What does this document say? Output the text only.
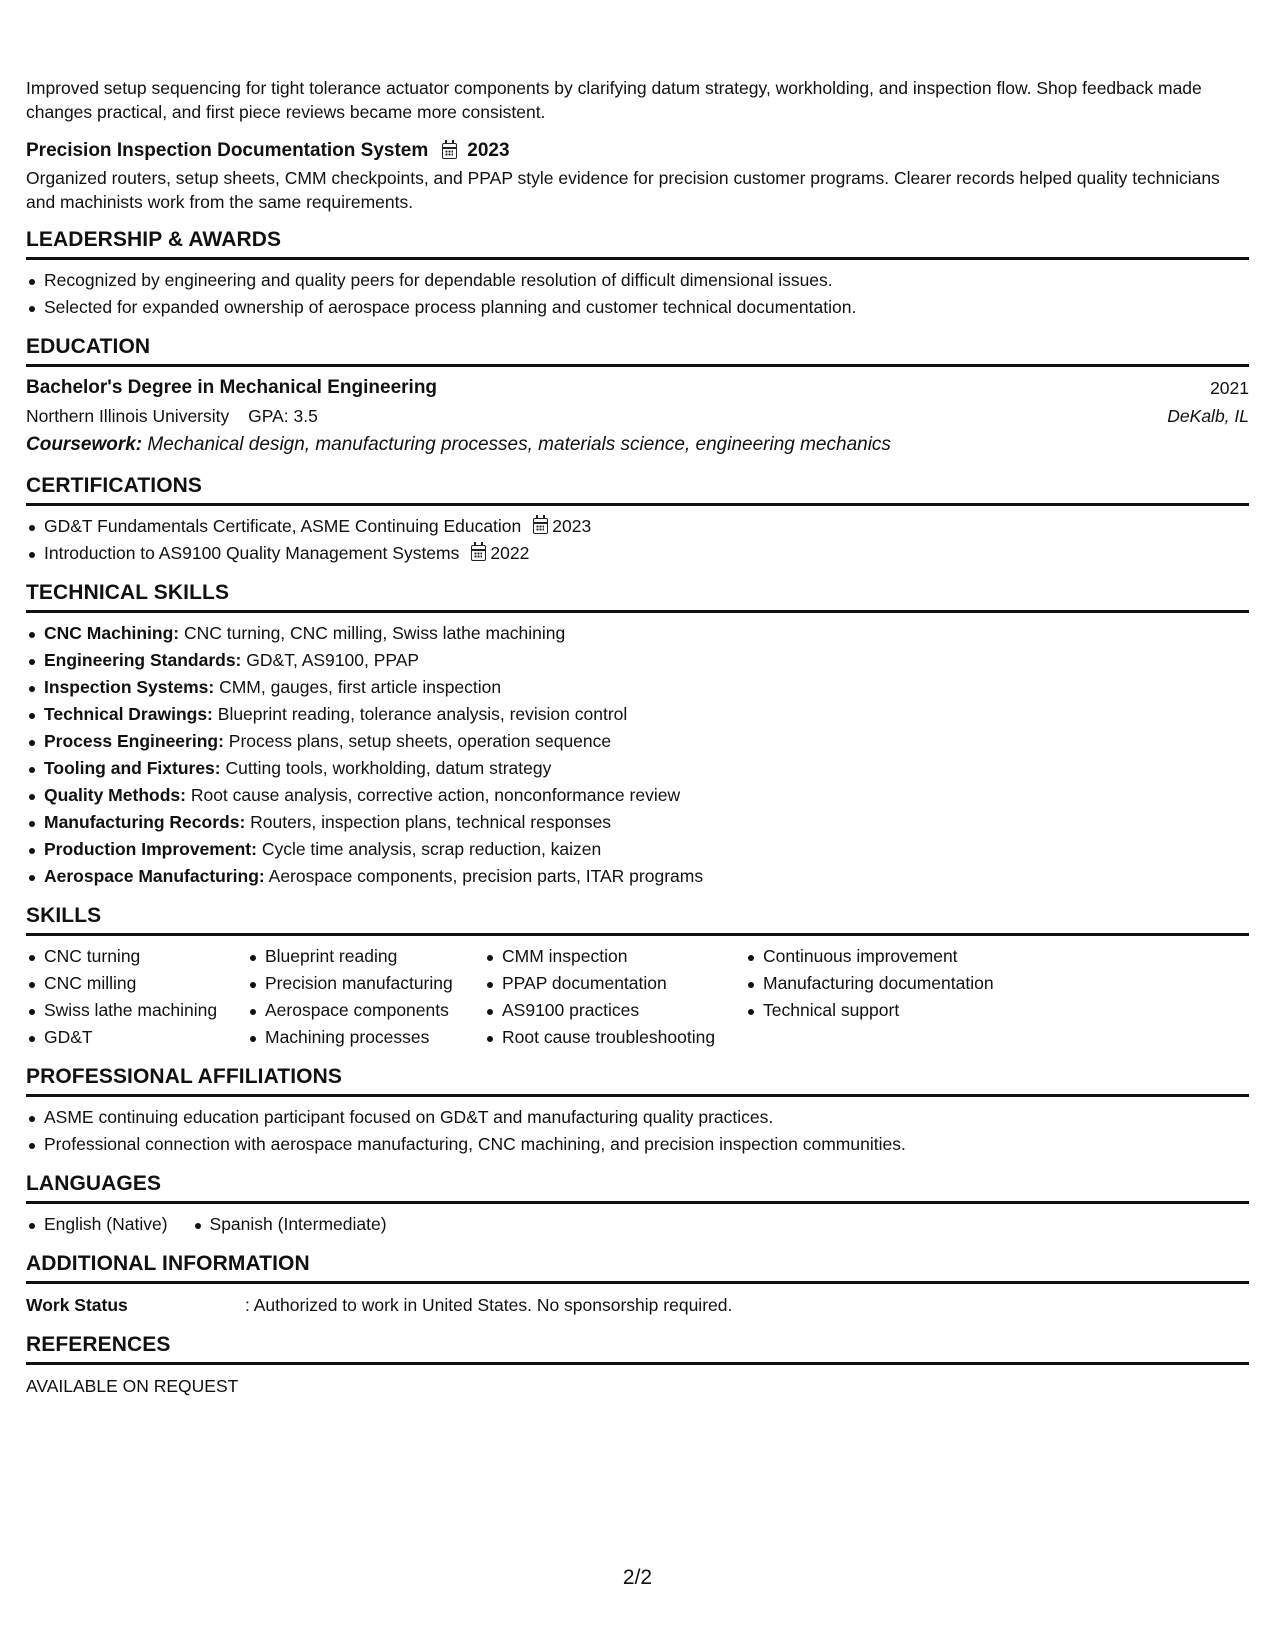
Improved setup sequencing for tight tolerance actuator components by clarifying datum strategy, workholding, and inspection flow. Shop feedback made changes practical, and first piece reviews became more consistent.

Precision Inspection Documentation System 2023

Organized routers, setup sheets, CMM checkpoints, and PPAP style evidence for precision customer programs. Clearer records helped quality technicians and machinists work from the same requirements.

LEADERSHIP & AWARDS
Recognized by engineering and quality peers for dependable resolution of difficult dimensional issues.
Selected for expanded ownership of aerospace process planning and customer technical documentation.
EDUCATION
Bachelor's Degree in Mechanical Engineering	2021
Northern Illinois University GPA: 3.5	DeKalb, IL

Coursework: Mechanical design, manufacturing processes, materials science, engineering mechanics

CERTIFICATIONS
GD&T Fundamentals Certificate, ASME Continuing Education 2023
Introduction to AS9100 Quality Management Systems 2022
TECHNICAL SKILLS
CNC Machining: CNC turning, CNC milling, Swiss lathe machining
Engineering Standards: GD&T, AS9100, PPAP
Inspection Systems: CMM, gauges, first article inspection
Technical Drawings: Blueprint reading, tolerance analysis, revision control
Process Engineering: Process plans, setup sheets, operation sequence
Tooling and Fixtures: Cutting tools, workholding, datum strategy
Quality Methods: Root cause analysis, corrective action, nonconformance review
Manufacturing Records: Routers, inspection plans, technical responses
Production Improvement: Cycle time analysis, scrap reduction, kaizen
Aerospace Manufacturing: Aerospace components, precision parts, ITAR programs
SKILLS
CNC turning
CNC milling
Swiss lathe machining
GD&T
Blueprint reading
Precision manufacturing
Aerospace components
Machining processes
CMM inspection
PPAP documentation
AS9100 practices
Root cause troubleshooting
Continuous improvement
Manufacturing documentation
Technical support
PROFESSIONAL AFFILIATIONS
ASME continuing education participant focused on GD&T and manufacturing quality practices.
Professional connection with aerospace manufacturing, CNC machining, and precision inspection communities.
LANGUAGES
English (Native)	Spanish (Intermediate)
ADDITIONAL INFORMATION
Work Status	: Authorized to work in United States. No sponsorship required.
REFERENCES

AVAILABLE ON REQUEST

2/2
